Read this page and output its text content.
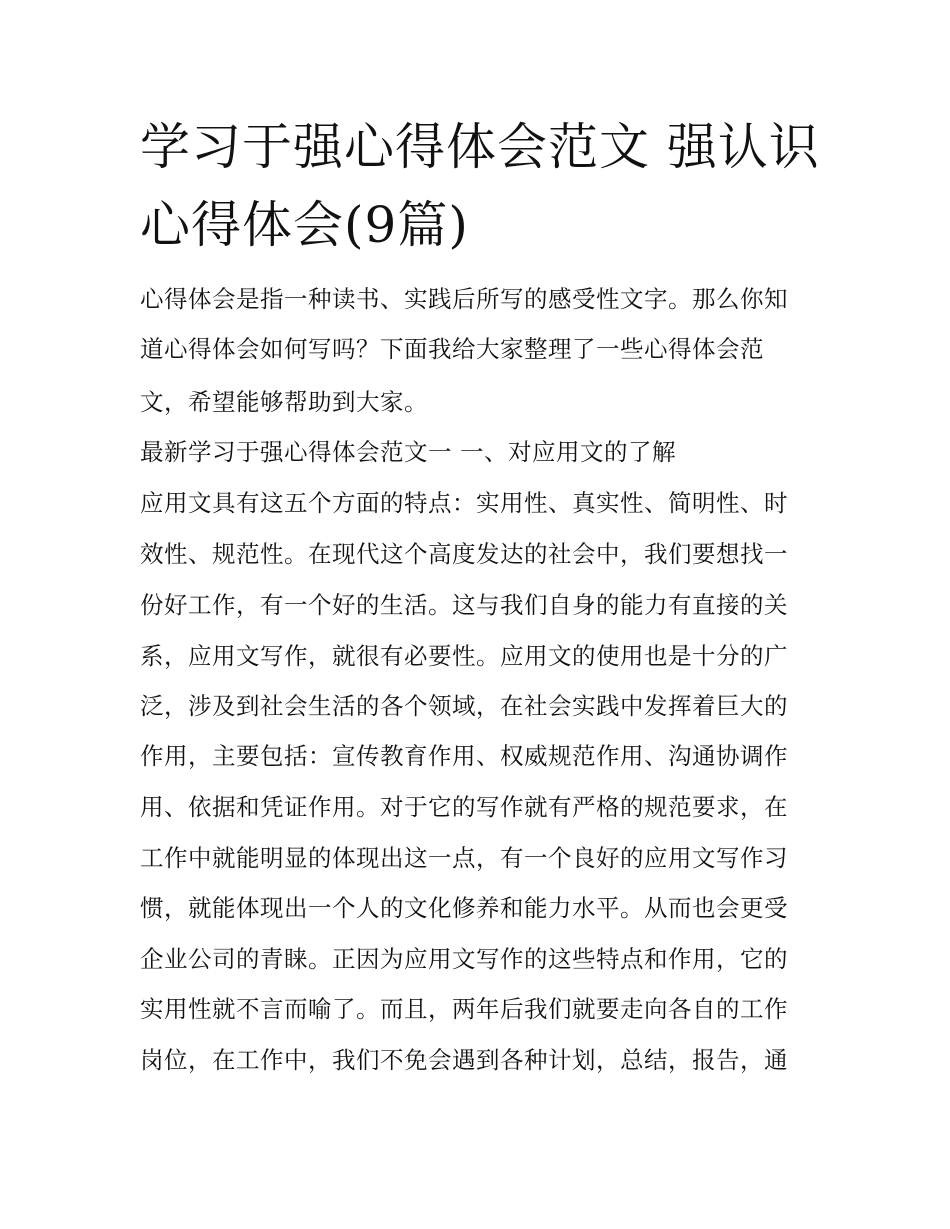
学习于强心得体会范文 强认识
心得体会(9篇)
心得体会是指一种读书、实践后所写的感受性文字。那么你知
道心得体会如何写吗？下面我给大家整理了一些心得体会范
文，希望能够帮助到大家。
最新学习于强心得体会范文一 一、对应用文的了解
应用文具有这五个方面的特点：实用性、真实性、简明性、时
效性、规范性。在现代这个高度发达的社会中，我们要想找一
份好工作，有一个好的生活。这与我们自身的能力有直接的关
系，应用文写作，就很有必要性。应用文的使用也是十分的广
泛，涉及到社会生活的各个领域，在社会实践中发挥着巨大的
作用，主要包括：宣传教育作用、权威规范作用、沟通协调作
用、依据和凭证作用。对于它的写作就有严格的规范要求，在
工作中就能明显的体现出这一点，有一个良好的应用文写作习
惯，就能体现出一个人的文化修养和能力水平。从而也会更受
企业公司的青睐。正因为应用文写作的这些特点和作用，它的
实用性就不言而喻了。而且，两年后我们就要走向各自的工作
岗位，在工作中，我们不免会遇到各种计划，总结，报告，通
